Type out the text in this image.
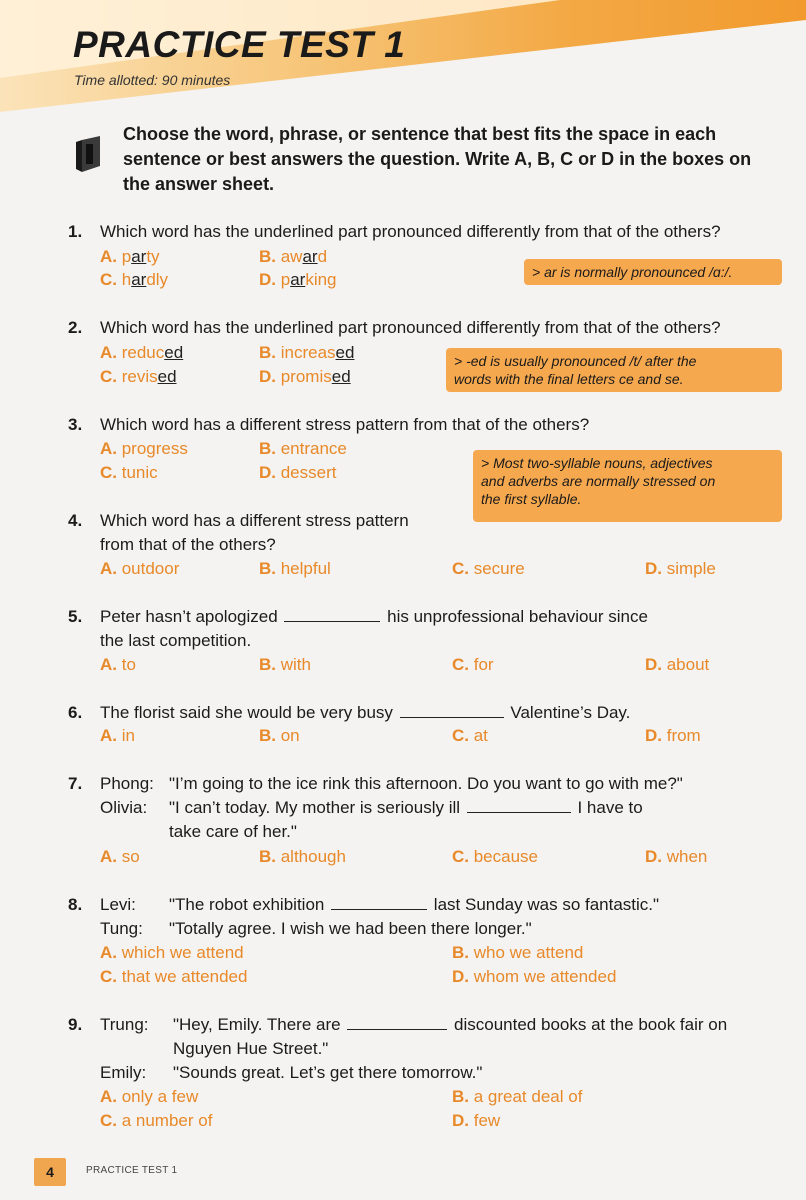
PRACTICE TEST 1
Time allotted: 90 minutes
Choose the word, phrase, or sentence that best fits the space in each sentence or best answers the question. Write A, B, C or D in the boxes on the answer sheet.
1. Which word has the underlined part pronounced differently from that of the others?
A. party	B. award
C. hardly	D. parking	> ar is normally pronounced /ɑ:/.
2. Which word has the underlined part pronounced differently from that of the others?
A. reduced	B. increased
C. revised	D. promised
> -ed is usually pronounced /t/ after the
words with the final letters ce and se.
3. Which word has a different stress pattern from that of the others?
A. progress	B. entrance
C. tunic	D. dessert	> Most two-syllable nouns, adjectives
and adverbs are normally stressed on
the first syllable.
4. Which word has a different stress pattern
from that of the others?
A. outdoor	B. helpful	C. secure	D. simple
5. Peter hasn’t apologized	his unprofessional behaviour since
the last competition.
A. to	B. with	C. for	D. about
6. The florist said she would be very busy	Valentine’s Day.
A. in	B. on	C. at	D. from
7. Phong: "I’m going to the ice rink this afternoon. Do you want to go with me?"
Olivia: "I can’t today. My mother is seriously ill	I have to
take care of her."
A. so	B. although	C. because	D. when
8. Levi: "The robot exhibition	last Sunday was so fantastic."
Tung: "Totally agree. I wish we had been there longer."
A. which we attend	B. who we attend
C. that we attended	D. whom we attended
9. Trung: "Hey, Emily. There are	discounted books at the book fair on
Nguyen Hue Street."
Emily: "Sounds great. Let’s get there tomorrow."
A. only a few	B. a great deal of
C. a number of	D. few
4	PRACTICE TEST 1
